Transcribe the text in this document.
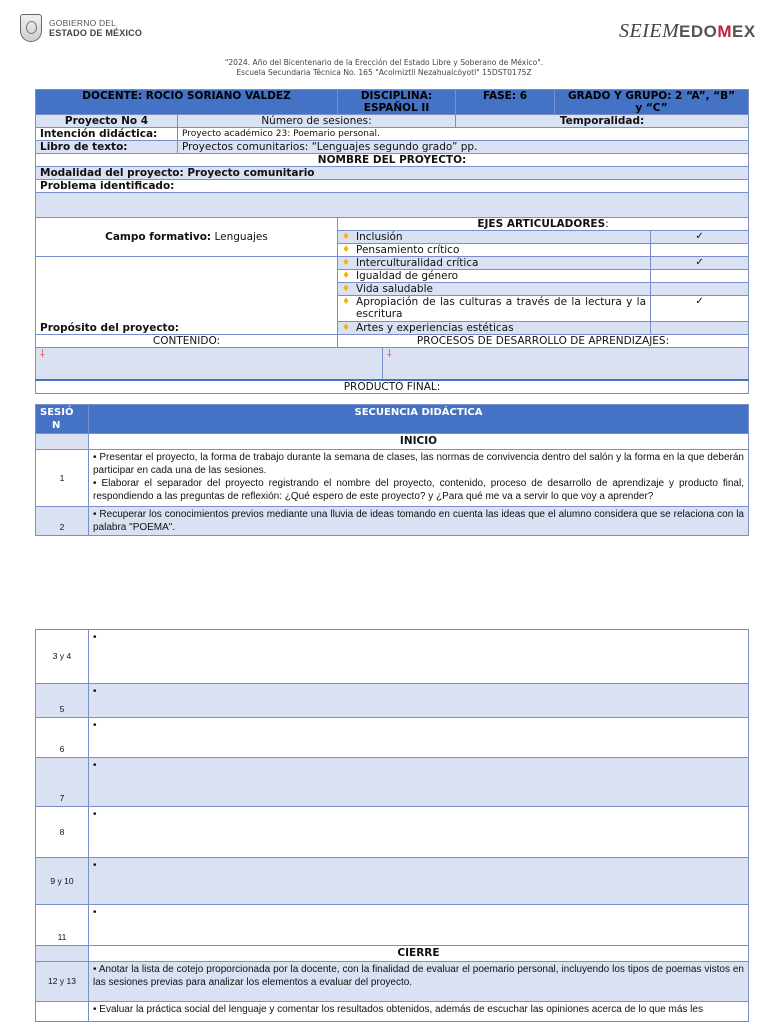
GOBIERNO DEL
ESTADO DE MÉXICO	SEIEM EDOMEX
"2024. Año del Bicentenario de la Erección del Estado Libre y Soberano de México".
Escuela Secundaria Técnica No. 165 "Acolmiztli Nezahualcóyotl" 15DST0175Z
DOCENTE: ROCIO SORIANO VALDEZ		DISCIPLINA:
ESPAÑOL II		FASE: 6	GRADO Y GRUPO: 2 “A”, “B”
y “C”	
Proyecto No 4	Número de sesiones:			Temporalidad:		
Intención didáctica:	Proyecto académico 23: Poemario personal.					
Libro de texto:	Proyectos comunitarios: “Lenguajes segundo grado” pp.					
NOMBRE DEL PROYECTO:						
Modalidad del proyecto: Proyecto comunitario						
Problema identificado:						

Campo formativo: Lenguajes		EJES ARTICULADORES:				

		♦ Inclusión				✓

		♦ Pensamiento crítico				

Propósito del proyecto:		♦ Interculturalidad crítica				✓

		♦ Igualdad de género				

		♦ Vida saludable				

		♦ Apropiación de las culturas a través de la lectura y la escritura				✓

		♦ Artes y experiencias estéticas				

CONTENIDO:		PROCESOS DE DESARROLLO DE APRENDIZAJES:				
⸸			⸸			
PRODUCTO FINAL:						
SESIÓ
N	SECUENCIA DIDÁCTICA
	INICIO
1	• Presentar el proyecto, la forma de trabajo durante la semana de clases, las normas de convivencia dentro del salón y la forma en la que deberán participar en cada una de las sesiones.
• Elaborar el separador del proyecto registrando el nombre del proyecto, contenido, proceso de desarrollo de aprendizaje y producto final, respondiendo a las preguntas de reflexión: ¿Qué espero de este proyecto? y ¿Para qué me va a servir lo que voy a aprender?

2	• Recuperar los conocimientos previos mediante una lluvia de ideas tomando en cuenta las ideas que el alumno considera que se relaciona con la palabra "POEMA".
3 y 4	•
5	•
6	•
7	•
8	•
9 y 10	•
11	•
	CIERRE
12 y 13	• Anotar la lista de cotejo proporcionada por la docente, con la finalidad de evaluar el poemario personal, incluyendo los tipos de poemas vistos en las sesiones previas para analizar los elementos a evaluar del proyecto.
	• Evaluar la práctica social del lenguaje y comentar los resultados obtenidos, además de escuchar las opiniones acerca de lo que más les
